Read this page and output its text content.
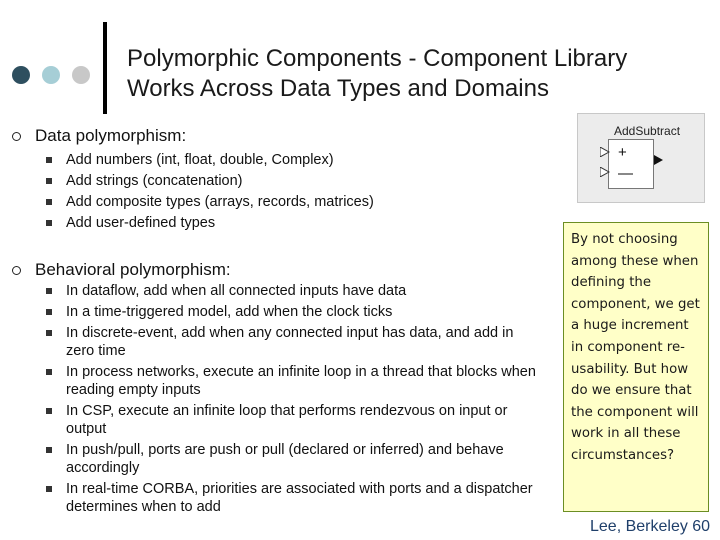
Polymorphic Components - Component Library
Works Across Data Types and Domains
Data polymorphism:
Add numbers (int, float, double, Complex)
Add strings (concatenation)
Add composite types (arrays, records, matrices)
Add user-defined types
Behavioral polymorphism:
In dataflow, add when all connected inputs have data
In a time-triggered model, add when the clock ticks
In discrete-event, add when any connected input has data, and add in zero time
In process networks, execute an infinite loop in a thread that blocks when reading empty inputs
In CSP, execute an infinite loop that performs rendezvous on input or output
In push/pull, ports are push or pull (declared or inferred) and behave accordingly
In real-time CORBA, priorities are associated with ports and a dispatcher determines when to add
AddSubtract
+
—
By not choosing among these when defining the component, we get a huge increment in component re-usability. But how do we ensure that the component will work in all these circumstances?
Lee, Berkeley 60
